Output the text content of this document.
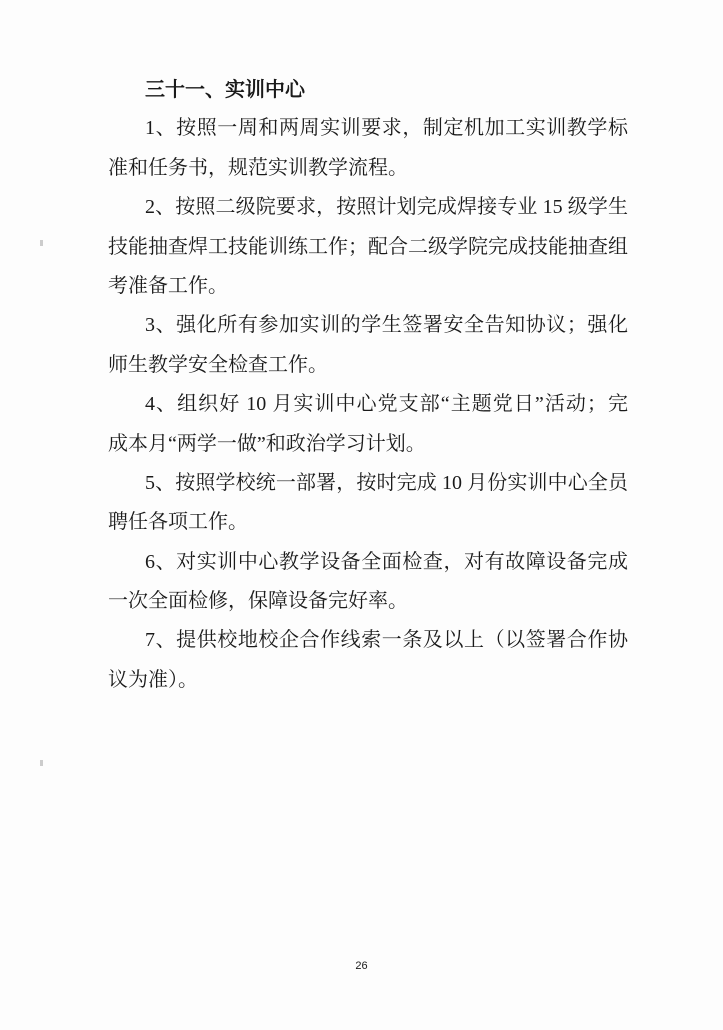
三十一、实训中心
1、按照一周和两周实训要求，制定机加工实训教学标
准和任务书，规范实训教学流程。
2、按照二级院要求，按照计划完成焊接专业 15 级学生
技能抽查焊工技能训练工作；配合二级学院完成技能抽查组
考准备工作。
3、强化所有参加实训的学生签署安全告知协议；强化
师生教学安全检查工作。
4、组织好 10 月实训中心党支部“主题党日”活动；完
成本月“两学一做”和政治学习计划。
5、按照学校统一部署，按时完成 10 月份实训中心全员
聘任各项工作。
6、对实训中心教学设备全面检查，对有故障设备完成
一次全面检修，保障设备完好率。
7、提供校地校企合作线索一条及以上（以签署合作协
议为准）。
26
